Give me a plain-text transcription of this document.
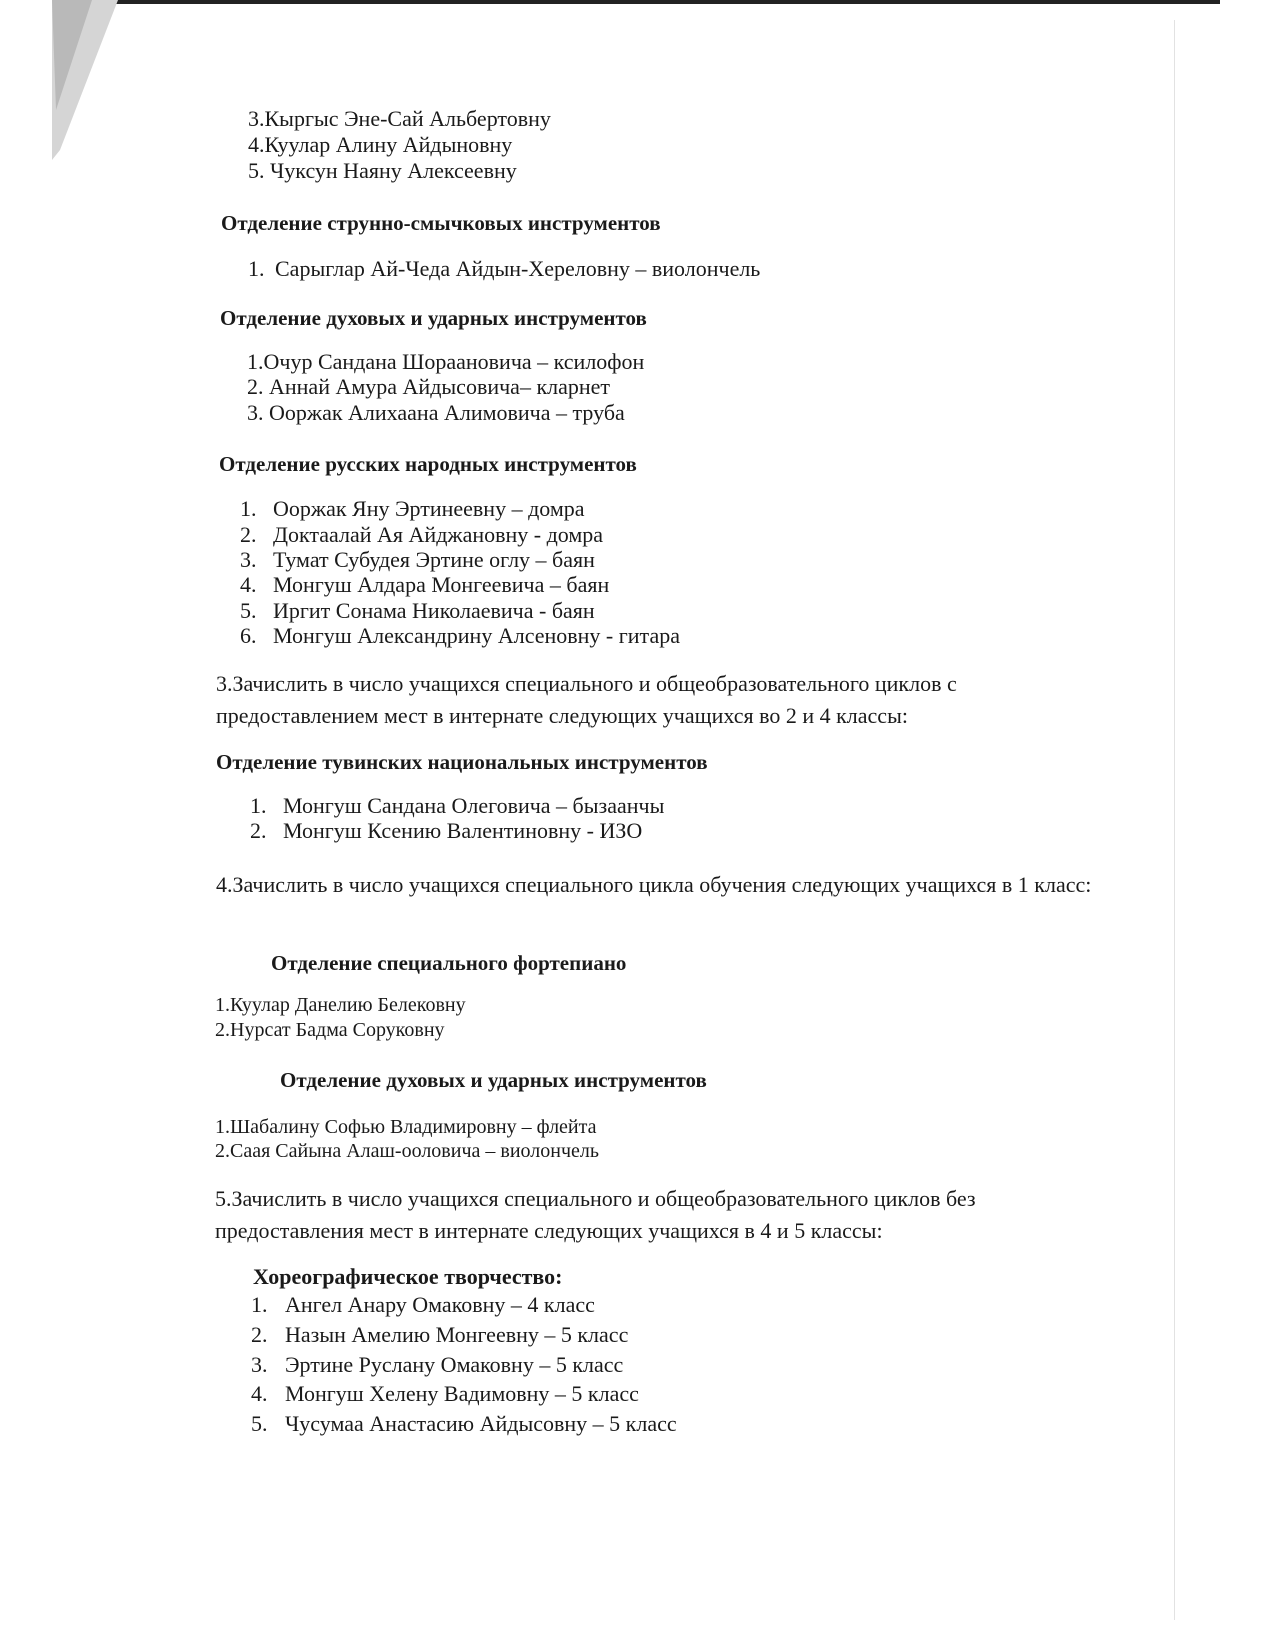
3.Кыргыс Эне-Сай Альбертовну
4.Куулар Алину Айдыновну
5. Чуксун Наяну Алексеевну
Отделение струнно-смычковых инструментов
1. Сарыглар Ай-Чеда Айдын-Хереловну – виолончель
Отделение духовых и ударных инструментов
1.Очур Сандана Шораановича – ксилофон
2. Аннай Амура Айдысовича– кларнет
3. Ооржак Алихаана Алимовича – труба
Отделение русских народных инструментов
1. Ооржак Яну Эртинеевну – домра
2. Доктаалай Ая Айджановну - домра
3. Тумат Субудея Эртине оглу – баян
4. Монгуш Алдара Монгеевича – баян
5. Иргит Сонама Николаевича - баян
6. Монгуш Александрину Алсеновну - гитара
3.Зачислить в число учащихся специального и общеобразовательного циклов с предоставлением мест в интернате следующих учащихся во 2 и 4 классы:
Отделение тувинских национальных инструментов
1. Монгуш Сандана Олеговича – бызаанчы
2. Монгуш Ксению Валентиновну - ИЗО
4.Зачислить в число учащихся специального цикла обучения следующих учащихся в 1 класс:
Отделение специального фортепиано
1.Куулар Данелию Белековну
2.Нурсат Бадма Соруковну
Отделение духовых и ударных инструментов
1.Шабалину Софью Владимировну – флейта
2.Саая Сайына Алаш-ооловича – виолончель
5.Зачислить в число учащихся специального и общеобразовательного циклов без предоставления мест в интернате следующих учащихся в 4 и 5 классы:
Хореографическое творчество:
1. Ангел Анару Омаковну – 4 класс
2. Назын Амелию Монгеевну – 5 класс
3. Эртине Руслану Омаковну – 5 класс
4. Монгуш Хелену Вадимовну – 5 класс
5. Чусумаа Анастасию Айдысовну – 5 класс
